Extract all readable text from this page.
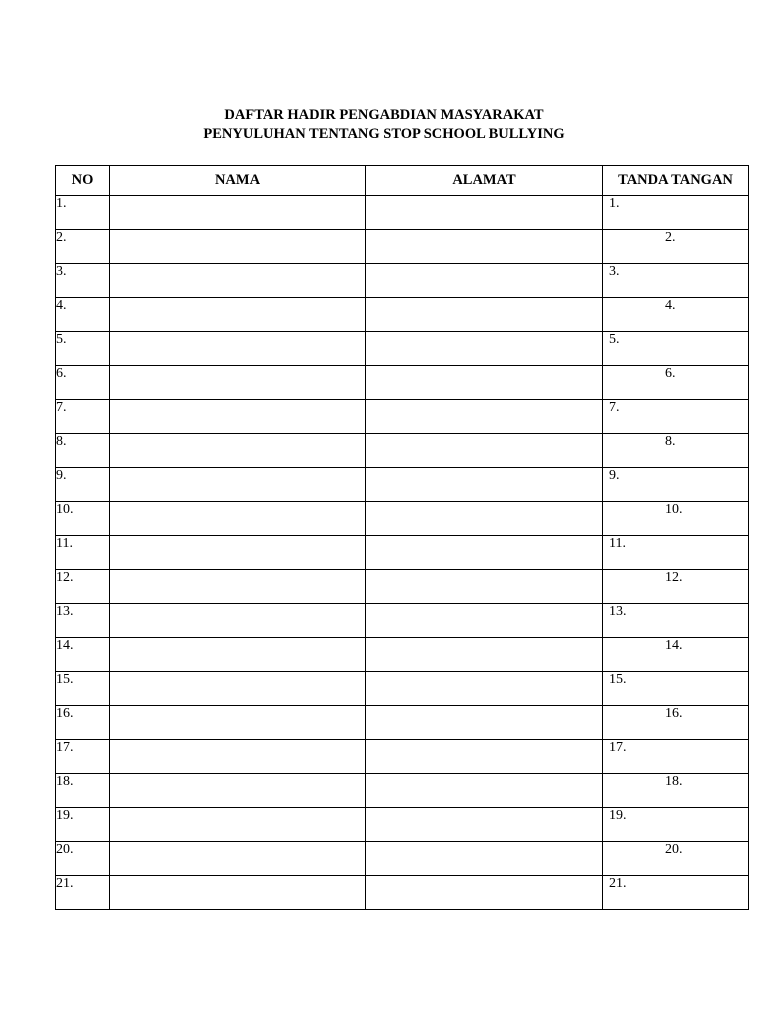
DAFTAR HADIR PENGABDIAN MASYARAKAT
PENYULUHAN TENTANG STOP SCHOOL BULLYING
NO	NAMA	ALAMAT	TANDA TANGAN
1.			1.
2.			2.
3.			3.
4.			4.
5.			5.
6.			6.
7.			7.
8.			8.
9.			9.
10.			10.
11.			11.
12.			12.
13.			13.
14.			14.
15.			15.
16.			16.
17.			17.
18.			18.
19.			19.
20.			20.
21.			21.
